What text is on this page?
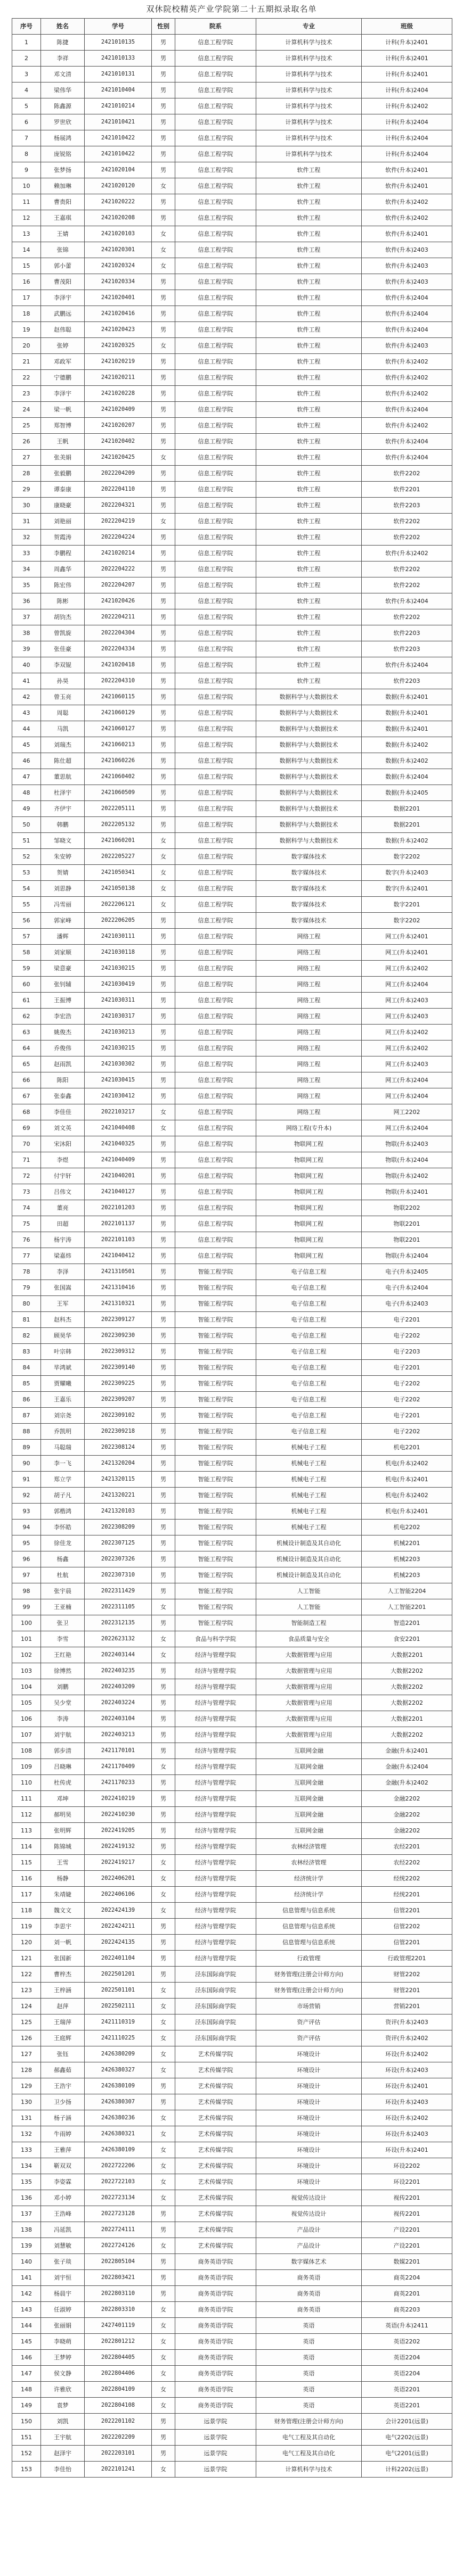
双休院校精英产业学院第二十五期拟录取名单
序号	姓名	学号	性别	院系	专业	班级
1	陈捷	2421010135	男	信息工程学院	计算机科学与技术	计科(升本)2401
2	李祥	2421010133	男	信息工程学院	计算机科学与技术	计科(升本)2401
3	邓文清	2421010131	男	信息工程学院	计算机科学与技术	计科(升本)2401
4	梁伟华	2421010404	男	信息工程学院	计算机科学与技术	计科(升本)2404
5	陈鑫源	2421010214	男	信息工程学院	计算机科学与技术	计科(升本)2402
6	罗世欣	2421010421	男	信息工程学院	计算机科学与技术	计科(升本)2404
7	杨展鸿	2421010422	男	信息工程学院	计算机科学与技术	计科(升本)2404
8	庞锐铭	2421010422	男	信息工程学院	计算机科学与技术	计科(升本)2404
9	张梦扬	2421020104	男	信息工程学院	软件工程	软件(升本)2401
10	赖加琳	2421020120	女	信息工程学院	软件工程	软件(升本)2401
11	曹贵阳	2421020222	男	信息工程学院	软件工程	软件(升本)2402
12	王嘉琪	2421020208	男	信息工程学院	软件工程	软件(升本)2402
13	王婧	2421020103	女	信息工程学院	软件工程	软件(升本)2401
14	张锦	2421020301	女	信息工程学院	软件工程	软件(升本)2403
15	郭小蕾	2421020324	女	信息工程学院	软件工程	软件(升本)2403
16	曹茂阳	2421020334	男	信息工程学院	软件工程	软件(升本)2403
17	李泽宇	2421020401	男	信息工程学院	软件工程	软件(升本)2404
18	武鹏远	2421020416	男	信息工程学院	软件工程	软件(升本)2404
19	赵伟聪	2421020423	男	信息工程学院	软件工程	软件(升本)2404
20	张婷	2421020325	女	信息工程学院	软件工程	软件(升本)2403
21	邓政军	2421020219	男	信息工程学院	软件工程	软件(升本)2402
22	宁德鹏	2421020211	男	信息工程学院	软件工程	软件(升本)2402
23	李泽宇	2421020228	男	信息工程学院	软件工程	软件(升本)2402
24	梁一帆	2421020409	男	信息工程学院	软件工程	软件(升本)2404
25	郑智博	2421020207	男	信息工程学院	软件工程	软件(升本)2402
26	王帆	2421020402	男	信息工程学院	软件工程	软件(升本)2404
27	张美娟	2421020425	女	信息工程学院	软件工程	软件(升本)2404
28	张毅鹏	2022204209	男	信息工程学院	软件工程	软件2202
29	谭泰康	2022204110	男	信息工程学院	软件工程	软件2201
30	康晓豪	2022204321	男	信息工程学院	软件工程	软件2203
31	刘艳丽	2022204219	女	信息工程学院	软件工程	软件2202
32	贺霞涛	2022204224	男	信息工程学院	软件工程	软件2202
33	李鹏程	2421020214	男	信息工程学院	软件工程	软件(升本)2402
34	周鑫华	2022204222	男	信息工程学院	软件工程	软件2202
35	陈宏伟	2022204207	男	信息工程学院	软件工程	软件2202
36	陈彬	2421020426	男	信息工程学院	软件工程	软件(升本)2404
37	胡钧杰	2022204211	男	信息工程学院	软件工程	软件2202
38	曾凯旋	2022204304	男	信息工程学院	软件工程	软件2203
39	张佳豪	2022204334	男	信息工程学院	软件工程	软件2203
40	李双锟	2421020418	男	信息工程学院	软件工程	软件(升本)2404
41	孙昊	2022204310	男	信息工程学院	软件工程	软件2203
42	曾玉亮	2421060115	男	信息工程学院	数据科学与大数据技术	数据(升本)2401
43	周聪	2421060129	男	信息工程学院	数据科学与大数据技术	数据(升本)2401
44	马凯	2421060127	男	信息工程学院	数据科学与大数据技术	数据(升本)2401
45	刘瑞杰	2421060213	男	信息工程学院	数据科学与大数据技术	数据(升本)2402
46	陈仕超	2421060226	男	信息工程学院	数据科学与大数据技术	数据(升本)2402
47	董思航	2421060402	男	信息工程学院	数据科学与大数据技术	数据(升本)2404
48	杜泽宇	2421060509	男	信息工程学院	数据科学与大数据技术	数据(升本)2405
49	齐伊宇	2022205111	男	信息工程学院	数据科学与大数据技术	数据2201
50	韩鹏	2022205132	男	信息工程学院	数据科学与大数据技术	数据2201
51	邹晓文	2421060201	女	信息工程学院	数据科学与大数据技术	数据(升本)2402
52	朱安婷	2022205227	女	信息工程学院	数字媒体技术	数字2202
53	贺婧	2421050341	女	信息工程学院	数字媒体技术	数字(升本)2403
54	刘思静	2421050138	女	信息工程学院	数字媒体技术	数字(升本)2401
55	冯雪丽	2022206121	女	信息工程学院	数字媒体技术	数字2201
56	郭家峰	2022206205	男	信息工程学院	数字媒体技术	数字2202
57	潘辉	2421030111	男	信息工程学院	网络工程	网工(升本)2401
58	刘家顺	2421030118	男	信息工程学院	网络工程	网工(升本)2401
59	梁意豪	2421030215	男	信息工程学院	网络工程	网工(升本)2402
60	张钊辅	2421030419	男	信息工程学院	网络工程	网工(升本)2404
61	王振博	2421030311	男	信息工程学院	网络工程	网工(升本)2403
62	李宏浩	2421030317	男	信息工程学院	网络工程	网工(升本)2403
63	姚俊杰	2421030213	男	信息工程学院	网络工程	网工(升本)2402
64	乔俊伟	2421030215	男	信息工程学院	网络工程	网工(升本)2402
65	赵雨凯	2421030302	男	信息工程学院	网络工程	网工(升本)2403
66	陈阳	2421030415	男	信息工程学院	网络工程	网工(升本)2404
67	张泰鑫	2421030412	男	信息工程学院	网络工程	网工(升本)2404
68	李佳佳	2022103217	女	信息工程学院	网络工程	网工2202
69	刘文英	2421040408	女	信息工程学院	网络工程(专升本)	网工(升本)2404
70	宋沐阳	2421040325	男	信息工程学院	物联网工程	物联(升本)2403
71	李煜	2421040409	男	信息工程学院	物联网工程	物联(升本)2404
72	付宇轩	2421040201	男	信息工程学院	物联网工程	物联(升本)2402
73	吕伟文	2421040127	男	信息工程学院	物联网工程	物联(升本)2401
74	董亮	2022101203	男	信息工程学院	物联网工程	物联2202
75	田超	2022101137	男	信息工程学院	物联网工程	物联2201
76	杨宇涛	2022101103	男	信息工程学院	物联网工程	物联2201
77	梁嘉炜	2421040412	男	信息工程学院	物联网工程	物联(升本)2404
78	李泽	2421310501	男	智能工程学院	电子信息工程	电子(升本)2405
79	张国嵩	2421310416	男	智能工程学院	电子信息工程	电子(升本)2404
80	王军	2421310321	男	智能工程学院	电子信息工程	电子(升本)2403
81	赵科杰	2022309127	男	智能工程学院	电子信息工程	电子2201
82	顾昊华	2022309230	男	智能工程学院	电子信息工程	电子2202
83	叶宗韩	2022309312	男	智能工程学院	电子信息工程	电子2203
84	毕鸿斌	2022309140	男	智能工程学院	电子信息工程	电子2201
85	贾耀曦	2022309225	男	智能工程学院	电子信息工程	电子2202
86	王嘉乐	2022309207	男	智能工程学院	电子信息工程	电子2202
87	刘宗尧	2022309102	男	智能工程学院	电子信息工程	电子2201
88	乔凯明	2022309218	男	智能工程学院	电子信息工程	电子2202
89	马聪瑞	2022308124	男	智能工程学院	机械电子工程	机电2201
90	李一飞	2421320204	男	智能工程学院	机械电子工程	机电(升本)2402
91	郑立学	2421320115	男	智能工程学院	机械电子工程	机电(升本)2401
92	胡子凡	2421320221	男	智能工程学院	机械电子工程	机电(升本)2402
93	郭楷鸿	2421320103	男	智能工程学院	机械电子工程	机电(升本)2401
94	李怀皓	2022308209	男	智能工程学院	机械电子工程	机电2202
95	徐佳龙	2022307125	男	智能工程学院	机械设计制造及其自动化	机械2201
96	杨鑫	2022307326	男	智能工程学院	机械设计制造及其自动化	机械2203
97	杜航	2022307310	男	智能工程学院	机械设计制造及其自动化	机械2203
98	张宇晨	2022311429	男	智能工程学院	人工智能	人工智能2204
99	王亚楠	2022311105	女	智能工程学院	人工智能	人工智能2201
100	张卫	2022312135	男	智能工程学院	智能制造工程	智造2201
101	李雪	2022623132	女	食品与科学学院	食品质量与安全	食安2201
102	王红艳	2022403144	女	经济与管理学院	大数据管理与应用	大数据2201
103	徐博然	2022403235	男	经济与管理学院	大数据管理与应用	大数据2202
104	刘鹏	2022403209	男	经济与管理学院	大数据管理与应用	大数据2202
105	吴少堂	2022403224	男	经济与管理学院	大数据管理与应用	大数据2202
106	李涛	2022403104	男	经济与管理学院	大数据管理与应用	大数据2201
107	刘宇航	2022403213	男	经济与管理学院	大数据管理与应用	大数据2202
108	郭步清	2421170101	男	经济与管理学院	互联网金融	金融(升本)2401
109	吕晓琳	2421170409	女	经济与管理学院	互联网金融	金融(升本)2404
110	杜传虎	2421170233	男	经济与管理学院	互联网金融	金融(升本)2402
111	邓坤	2022410219	男	经济与管理学院	互联网金融	金融2202
112	郝明昊	2022410230	男	经济与管理学院	互联网金融	金融2202
113	张明辉	2022419205	男	经济与管理学院	互联网金融	金融2202
114	陈锦城	2022419132	男	经济与管理学院	农林经济管理	农经2201
115	王雪	2022419217	女	经济与管理学院	农林经济管理	农经2202
116	杨静	2022406201	女	经济与管理学院	经济统计学	经统2202
117	朱靖婕	2022406106	女	经济与管理学院	经济统计学	经统2201
118	魏文文	2022424139	女	经济与管理学院	信息管理与信息系统	信管2201
119	李思宇	2022424211	男	经济与管理学院	信息管理与信息系统	信管2202
120	刘一帆	2022424135	男	经济与管理学院	信息管理与信息系统	信管2201
121	张国新	2022401104	男	经济与管理学院	行政管理	行政管理2201
122	曹梓杰	2022501201	男	泾东国际商学院	财务管理(注册会计师方向)	财管2202
123	王梓涵	2022501101	女	泾东国际商学院	财务管理(注册会计师方向)	财管2201
124	赵萍	2022502111	女	泾东国际商学院	市场营销	营销2201
125	王瑞萍	2421110319	女	泾东国际商学院	资产评估	资评(升本)2403
126	王庭辉	2421110225	女	泾东国际商学院	资产评估	资评(升本)2402
127	张钰	2426380209	女	艺术传媒学院	环境设计	环设(升本)2402
128	郝鑫茹	2426380327	女	艺术传媒学院	环境设计	环设(升本)2403
129	王浩宇	2426380109	男	艺术传媒学院	环境设计	环设(升本)2401
130	卫少扬	2426380307	男	艺术传媒学院	环境设计	环设(升本)2403
131	杨子涵	2426380236	女	艺术传媒学院	环境设计	环设(升本)2402
132	牛雨婷	2426380321	女	艺术传媒学院	环境设计	环设(升本)2403
133	王雅萍	2426380109	女	艺术传媒学院	环境设计	环设(升本)2401
134	靳双双	2022722206	女	艺术传媒学院	环境设计	环设2202
135	李姿霖	2022722103	女	艺术传媒学院	环境设计	环设2201
136	邓小婷	2022723134	女	艺术传媒学院	视觉传达设计	视传2201
137	王浩峰	2022723128	男	艺术传媒学院	视觉传达设计	视传2201
138	冯延凯	2022724111	男	艺术传媒学院	产品设计	产设2201
139	刘慧敏	2022724126	女	艺术传媒学院	产品设计	产设2201
140	张子琰	2022805104	男	商务英语学院	数字媒体艺术	数媒2201
141	刘宇恒	2022803421	男	商务英语学院	商务英语	商英2204
142	杨晨宇	2022803110	男	商务英语学院	商务英语	商英2201
143	任淑婷	2022803310	女	商务英语学院	商务英语	商英2203
144	张丽娟	2427401119	女	商务英语学院	英语	英语(升本)2411
145	李晓萌	2022801212	女	商务英语学院	英语	英语2202
146	王梦婷	2022804405	女	商务英语学院	英语	英语2204
147	侯文静	2022804406	女	商务英语学院	英语	英语2204
148	许雅欣	2022804109	女	商务英语学院	英语	英语2201
149	袁梦	2022804108	女	商务英语学院	英语	英语2201
150	刘凯	2022201102	男	远景学院	财务管理(注册会计师方向)	会计2201(远景)
151	王宇航	2022202209	男	远景学院	电气工程及其自动化	电气2202(远景)
152	赵泽宇	2022203101	男	远景学院	电气工程及其自动化	电气2201(远景)
153	李佳怡	2022101241	女	远景学院	计算机科学与技术	计科2202(远景)
